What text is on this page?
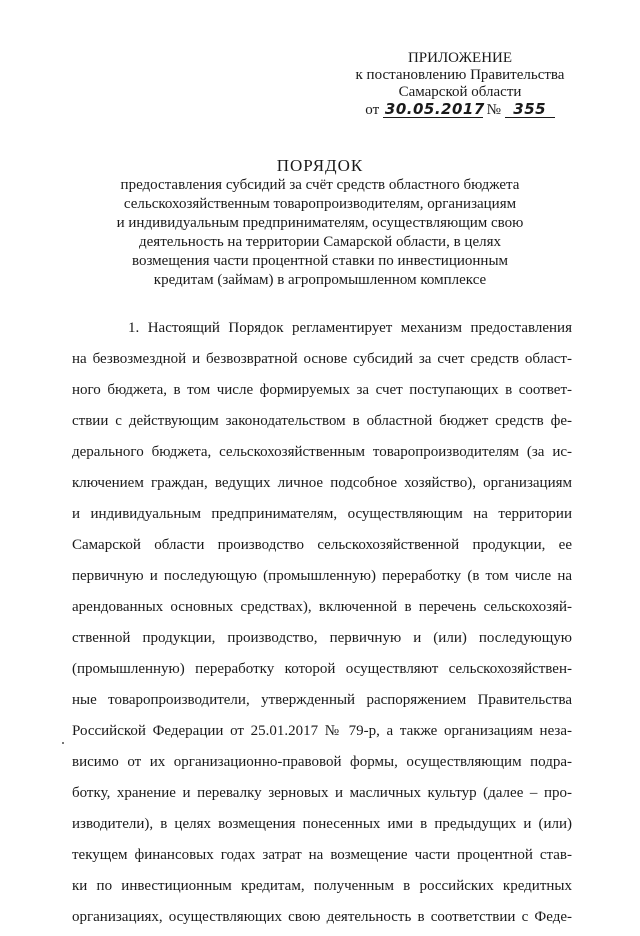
ПРИЛОЖЕНИЕ
к постановлению Правительства
Самарской области
от 30.05.2017 № 355
ПОРЯДОК
предоставления субсидий за счёт средств областного бюджета
сельскохозяйственным товаропроизводителям, организациям
и индивидуальным предпринимателям, осуществляющим свою
деятельность на территории Самарской области, в целях
возмещения части процентной ставки по инвестиционным
кредитам (займам) в агропромышленном комплексе
1. Настоящий Порядок регламентирует механизм предоставления
на безвозмездной и безвозвратной основе субсидий за счет средств област-
ного бюджета, в том числе формируемых за счет поступающих в соответ-
ствии с действующим законодательством в областной бюджет средств фе-
дерального бюджета, сельскохозяйственным товаропроизводителям (за ис-
ключением граждан, ведущих личное подсобное хозяйство), организациям
и индивидуальным предпринимателям, осуществляющим на территории
Самарской области производство сельскохозяйственной продукции, ее
первичную и последующую (промышленную) переработку (в том числе на
арендованных основных средствах), включенной в перечень сельскохозяй-
ственной продукции, производство, первичную и (или) последующую
(промышленную) переработку которой осуществляют сельскохозяйствен-
ные товаропроизводители, утвержденный распоряжением Правительства
Российской Федерации от 25.01.2017 № 79-р, а также организациям неза-
висимо от их организационно-правовой формы, осуществляющим подра-
ботку, хранение и перевалку зерновых и масличных культур (далее – про-
изводители), в целях возмещения понесенных ими в предыдущих и (или)
текущем финансовых годах затрат на возмещение части процентной став-
ки по инвестиционным кредитам, полученным в российских кредитных
организациях, осуществляющих свою деятельность в соответствии с Феде-
